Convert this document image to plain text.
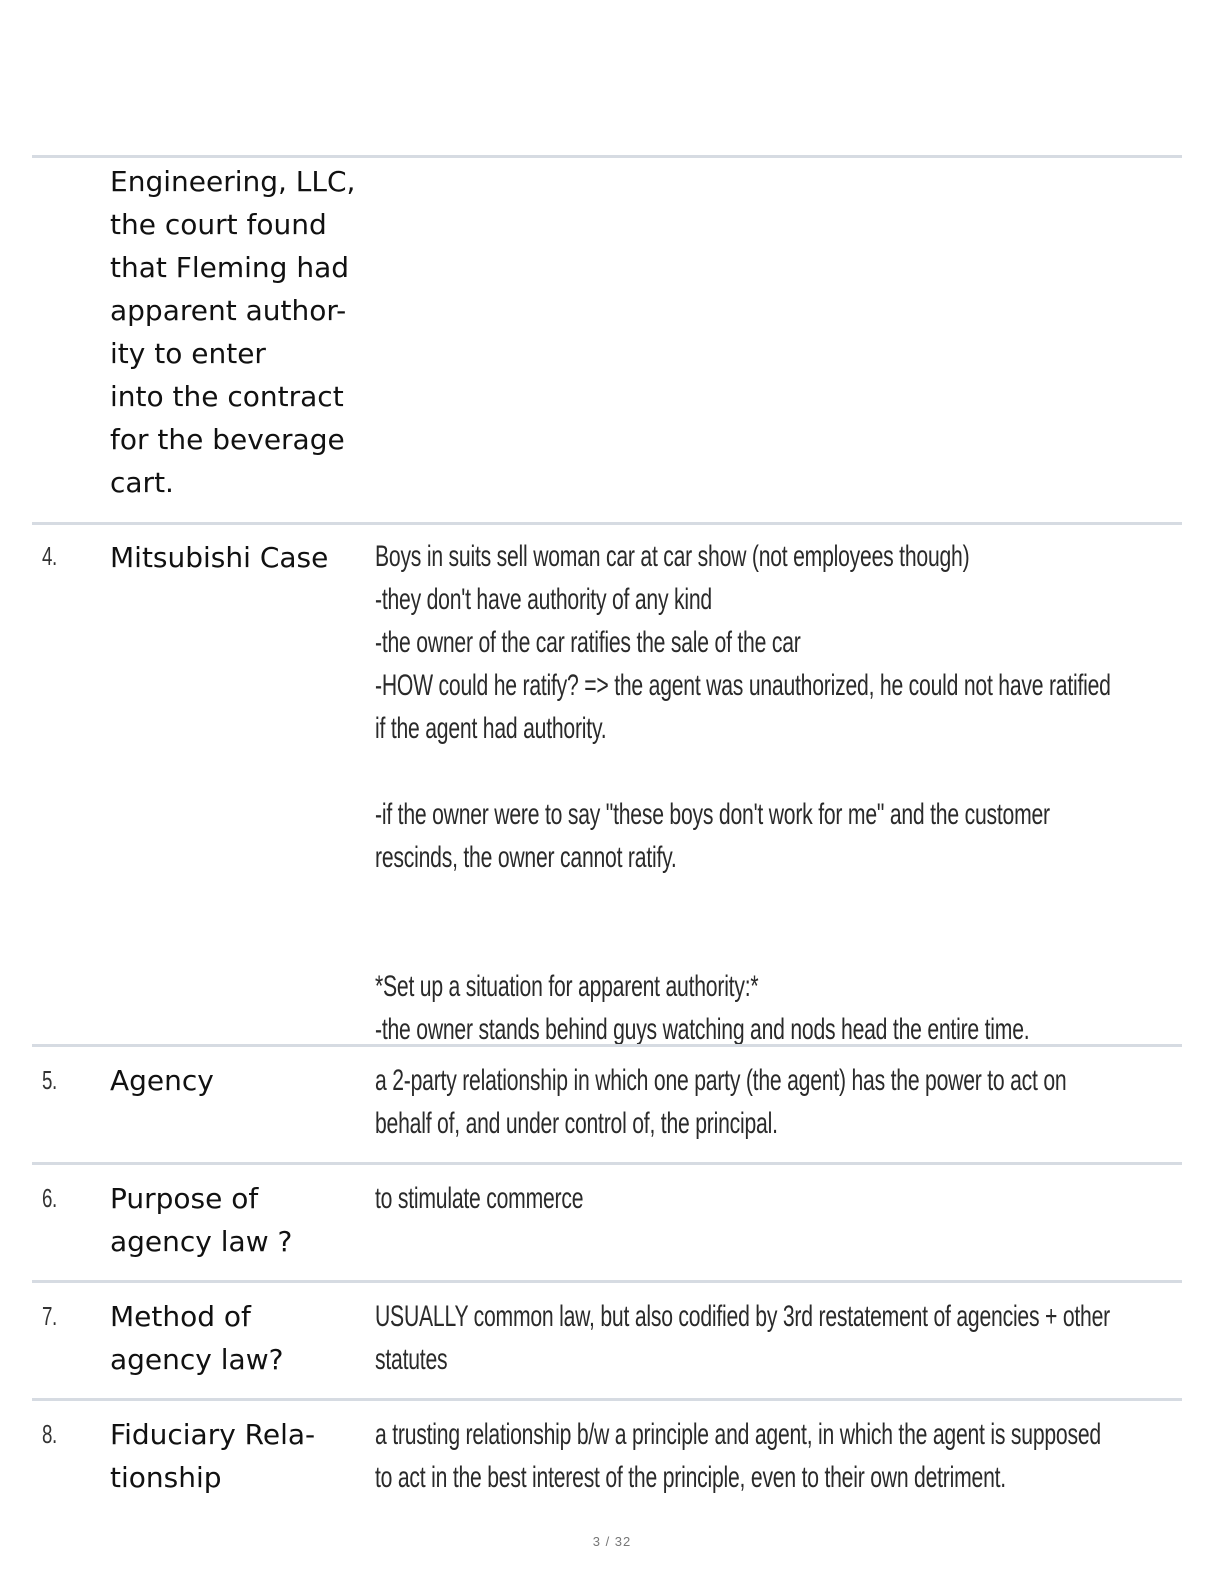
Engineering, LLC,
the court found
that Fleming had
apparent author-
ity to enter
into the contract
for the beverage
cart.
4. Mitsubishi Case	Boys in suits sell woman car at car show (not employees though)
-they don't have authority of any kind
-the owner of the car ratifies the sale of the car
-HOW could he ratify? => the agent was unauthorized, he could not have ratified
if the agent had authority.

-if the owner were to say "these boys don't work for me" and the customer
rescinds, the owner cannot ratify.

*Set up a situation for apparent authority:*
-the owner stands behind guys watching and nods head the entire time.
5. Agency	a 2-party relationship in which one party (the agent) has the power to act on
behalf of, and under control of, the principal.
6. Purpose of
agency law ?
to stimulate commerce
7. Method of
agency law?
USUALLY common law, but also codified by 3rd restatement of agencies + other
statutes
8. Fiduciary Rela-
tionship
a trusting relationship b/w a principle and agent, in which the agent is supposed
to act in the best interest of the principle, even to their own detriment.
3 / 32
